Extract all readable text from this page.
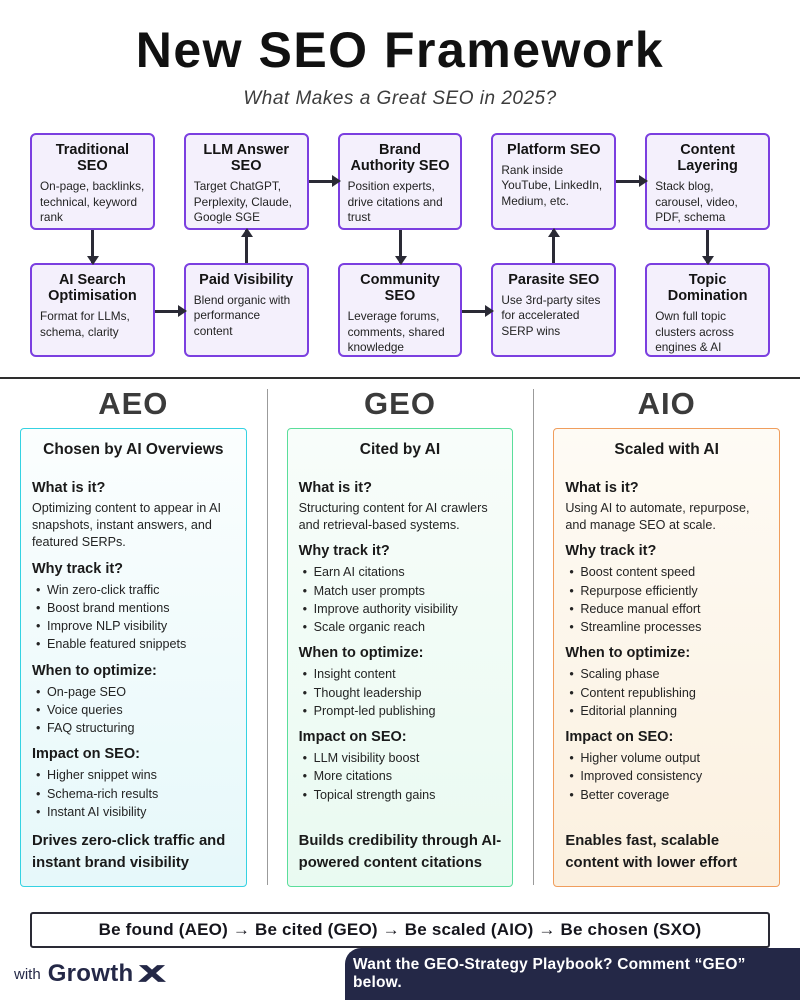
New SEO Framework
What Makes a Great SEO in 2025?
Traditional SEO
On-page, backlinks, technical, keyword rank
LLM Answer SEO
Target ChatGPT, Perplexity, Claude, Google SGE
Brand Authority SEO
Position experts, drive citations and trust
Platform SEO
Rank inside YouTube, LinkedIn, Medium, etc.
Content Layering
Stack blog, carousel, video, PDF, schema
AI Search Optimisation
Format for LLMs, schema, clarity
Paid Visibility
Blend organic with performance content
Community SEO
Leverage forums, comments, shared knowledge
Parasite SEO
Use 3rd-party sites for accelerated SERP wins
Topic Domination
Own full topic clusters across engines & AI
AEO	GEO	AIO
Chosen by AI Overviews
What is it?

Optimizing content to appear in AI snapshots, instant answers, and featured SERPs.

Why track it?
• Win zero-click traffic
• Boost brand mentions
• Improve NLP visibility
• Enable featured snippets
When to optimize:
• On-page SEO
• Voice queries
• FAQ structuring
Impact on SEO:
• Higher snippet wins
• Schema-rich results
• Instant AI visibility
Drives zero-click traffic and instant brand visibility
Cited by AI
What is it?

Structuring content for AI crawlers and retrieval-based systems.

Why track it?
• Earn AI citations
• Match user prompts
• Improve authority visibility
• Scale organic reach
When to optimize:
• Insight content
• Thought leadership
• Prompt-led publishing
Impact on SEO:
• LLM visibility boost
• More citations
• Topical strength gains
Builds credibility through AI-powered content citations
Scaled with AI
What is it?

Using AI to automate, repurpose, and manage SEO at scale.

Why track it?
• Boost content speed
• Repurpose efficiently
• Reduce manual effort
• Streamline processes
When to optimize:
• Scaling phase
• Content republishing
• Editorial planning
Impact on SEO:
• Higher volume output
• Improved consistency
• Better coverage
Enables fast, scalable content with lower effort
Be found (AEO) → Be cited (GEO) → Be scaled (AIO) → Be chosen (SXO)
with Growth	Want the GEO-Strategy Playbook? Comment “GEO” below.
